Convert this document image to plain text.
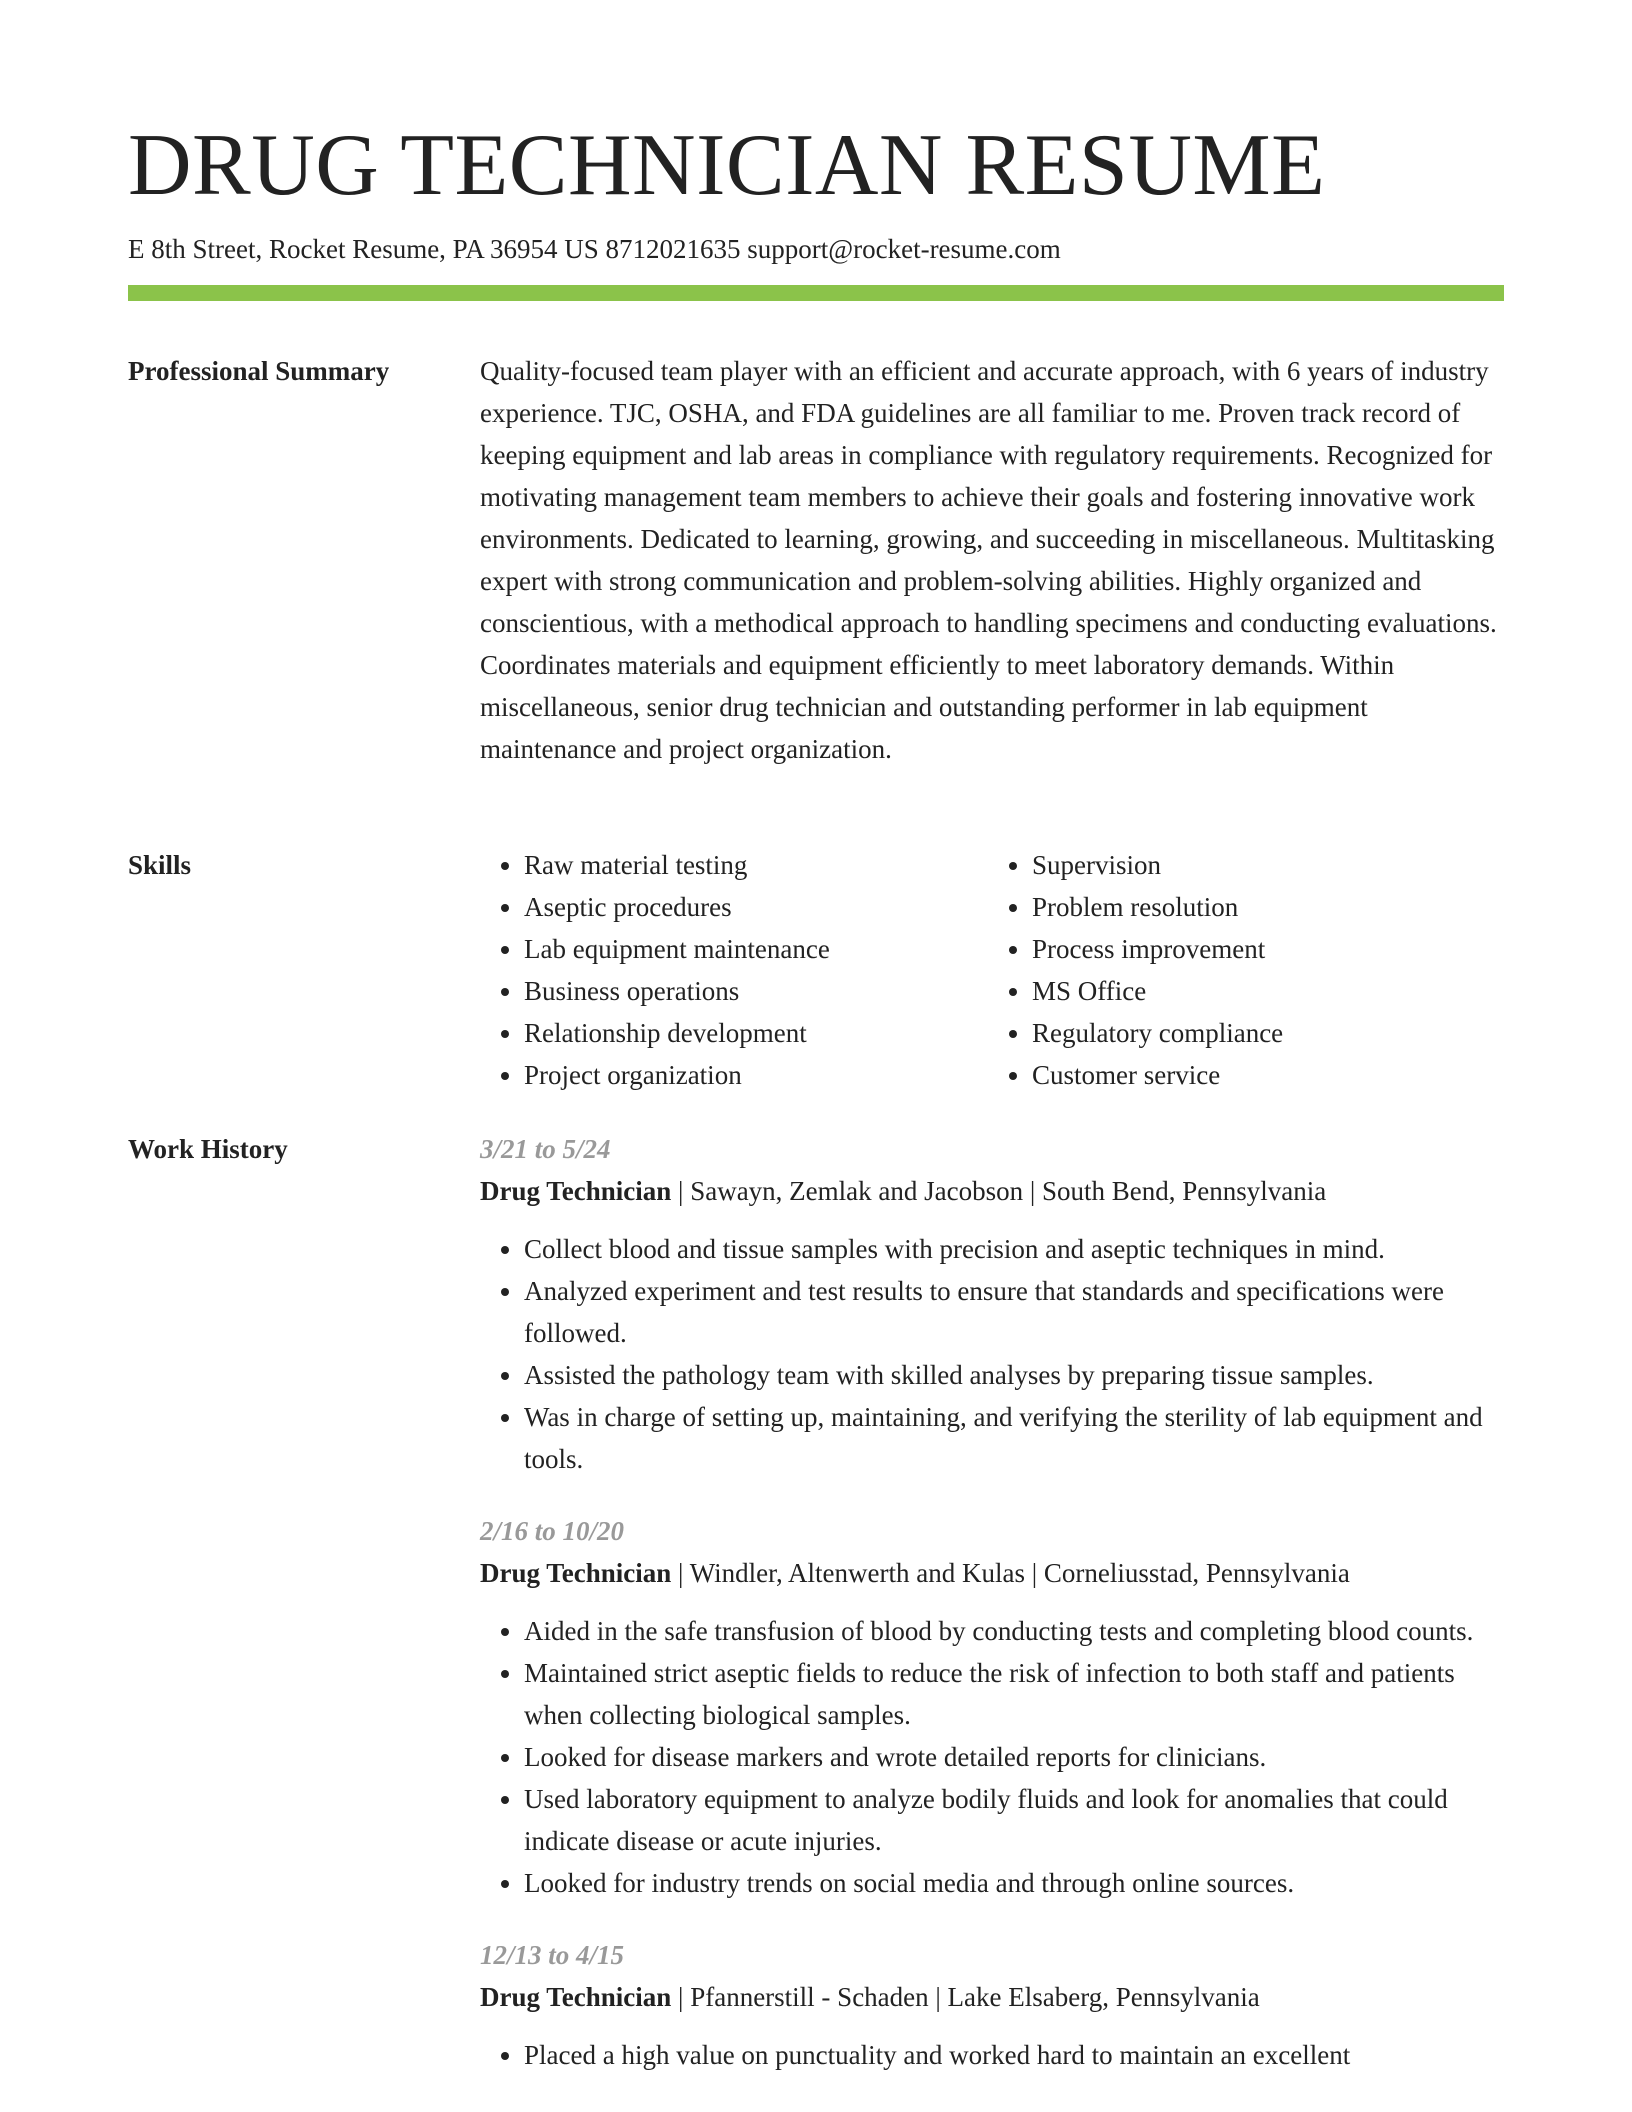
DRUG TECHNICIAN RESUME
E 8th Street, Rocket Resume, PA 36954 US 8712021635 support@rocket-resume.com
Professional Summary	Quality-focused team player with an efficient and accurate approach, with 6 years of industry experience. TJC, OSHA, and FDA guidelines are all familiar to me. Proven track record of keeping equipment and lab areas in compliance with regulatory requirements. Recognized for motivating management team members to achieve their goals and fostering innovative work environments. Dedicated to learning, growing, and succeeding in miscellaneous. Multitasking expert with strong communication and problem-solving abilities. Highly organized and conscientious, with a methodical approach to handling specimens and conducting evaluations. Coordinates materials and equipment efficiently to meet laboratory demands. Within miscellaneous, senior drug technician and outstanding performer in lab equipment maintenance and project organization.

Skills
•	Raw material testing
• Aseptic procedures
• Lab equipment maintenance
• Business operations
• Relationship development
• Project organization
• Supervision
• Problem resolution
• Process improvement
• MS Office
• Regulatory compliance
• Customer service
Work History	3/21 to 5/24
Drug Technician | Sawayn, Zemlak and Jacobson | South Bend, Pennsylvania
• Collect blood and tissue samples with precision and aseptic techniques in mind.
• Analyzed experiment and test results to ensure that standards and specifications were followed.
• Assisted the pathology team with skilled analyses by preparing tissue samples.
• Was in charge of setting up, maintaining, and verifying the sterility of lab equipment and tools.
2/16 to 10/20
Drug Technician | Windler, Altenwerth and Kulas | Corneliusstad, Pennsylvania
• Aided in the safe transfusion of blood by conducting tests and completing blood counts.
• Maintained strict aseptic fields to reduce the risk of infection to both staff and patients when collecting biological samples.
• Looked for disease markers and wrote detailed reports for clinicians.
• Used laboratory equipment to analyze bodily fluids and look for anomalies that could indicate disease or acute injuries.
• Looked for industry trends on social media and through online sources.
12/13 to 4/15
Drug Technician | Pfannerstill - Schaden | Lake Elsaberg, Pennsylvania
• Placed a high value on punctuality and worked hard to maintain an excellent
